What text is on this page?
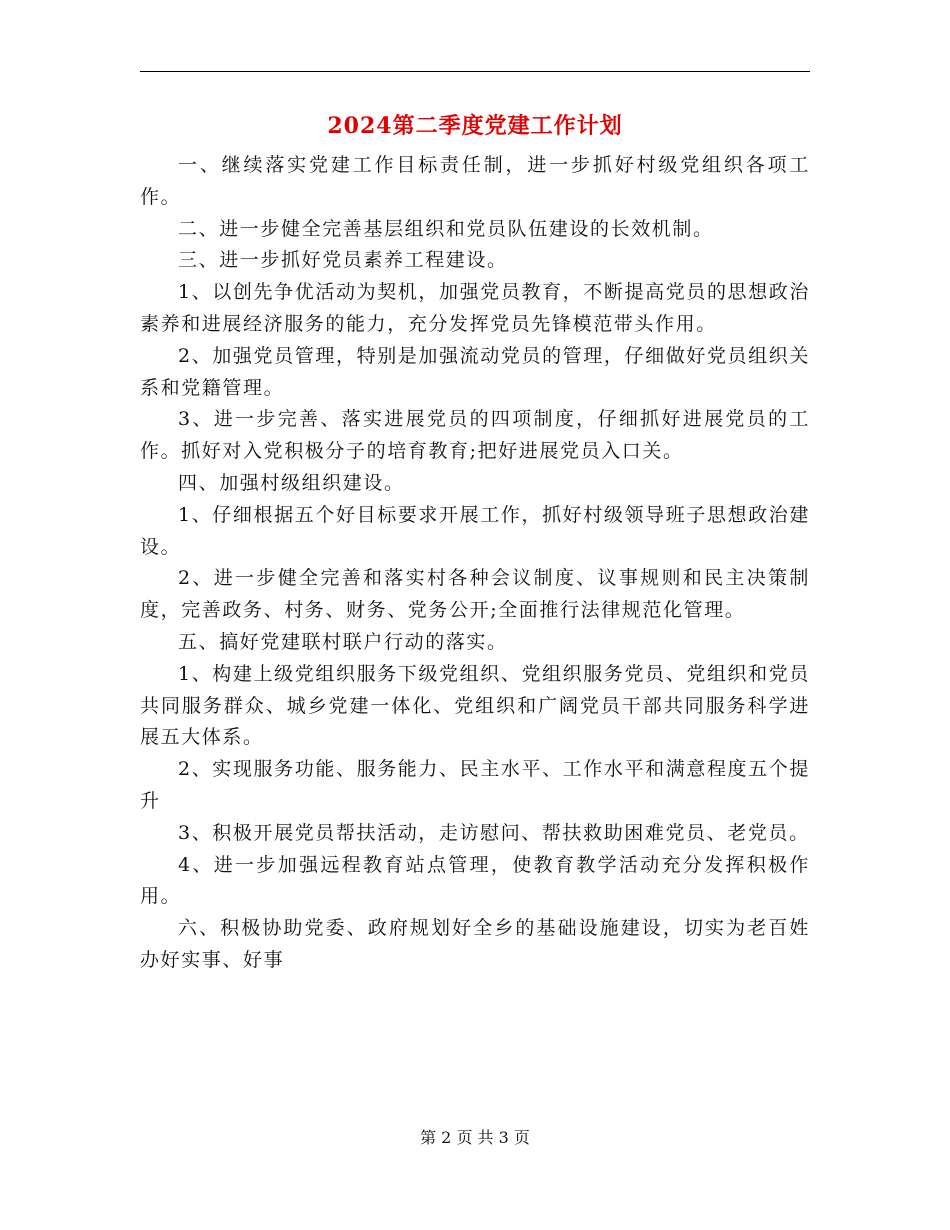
2024第二季度党建工作计划

一、继续落实党建工作目标责任制，进一步抓好村级党组织各项工作。

二、进一步健全完善基层组织和党员队伍建设的长效机制。

三、进一步抓好党员素养工程建设。

1、以创先争优活动为契机，加强党员教育，不断提高党员的思想政治素养和进展经济服务的能力，充分发挥党员先锋模范带头作用。

2、加强党员管理，特别是加强流动党员的管理，仔细做好党员组织关系和党籍管理。

3、进一步完善、落实进展党员的四项制度，仔细抓好进展党员的工作。抓好对入党积极分子的培育教育;把好进展党员入口关。

四、加强村级组织建设。

1、仔细根据五个好目标要求开展工作，抓好村级领导班子思想政治建设。

2、进一步健全完善和落实村各种会议制度、议事规则和民主决策制度，完善政务、村务、财务、党务公开;全面推行法律规范化管理。

五、搞好党建联村联户行动的落实。

1、构建上级党组织服务下级党组织、党组织服务党员、党组织和党员共同服务群众、城乡党建一体化、党组织和广阔党员干部共同服务科学进展五大体系。

2、实现服务功能、服务能力、民主水平、工作水平和满意程度五个提升

3、积极开展党员帮扶活动，走访慰问、帮扶救助困难党员、老党员。

4、进一步加强远程教育站点管理，使教育教学活动充分发挥积极作用。

六、积极协助党委、政府规划好全乡的基础设施建设，切实为老百姓办好实事、好事

第 2 页 共 3 页
